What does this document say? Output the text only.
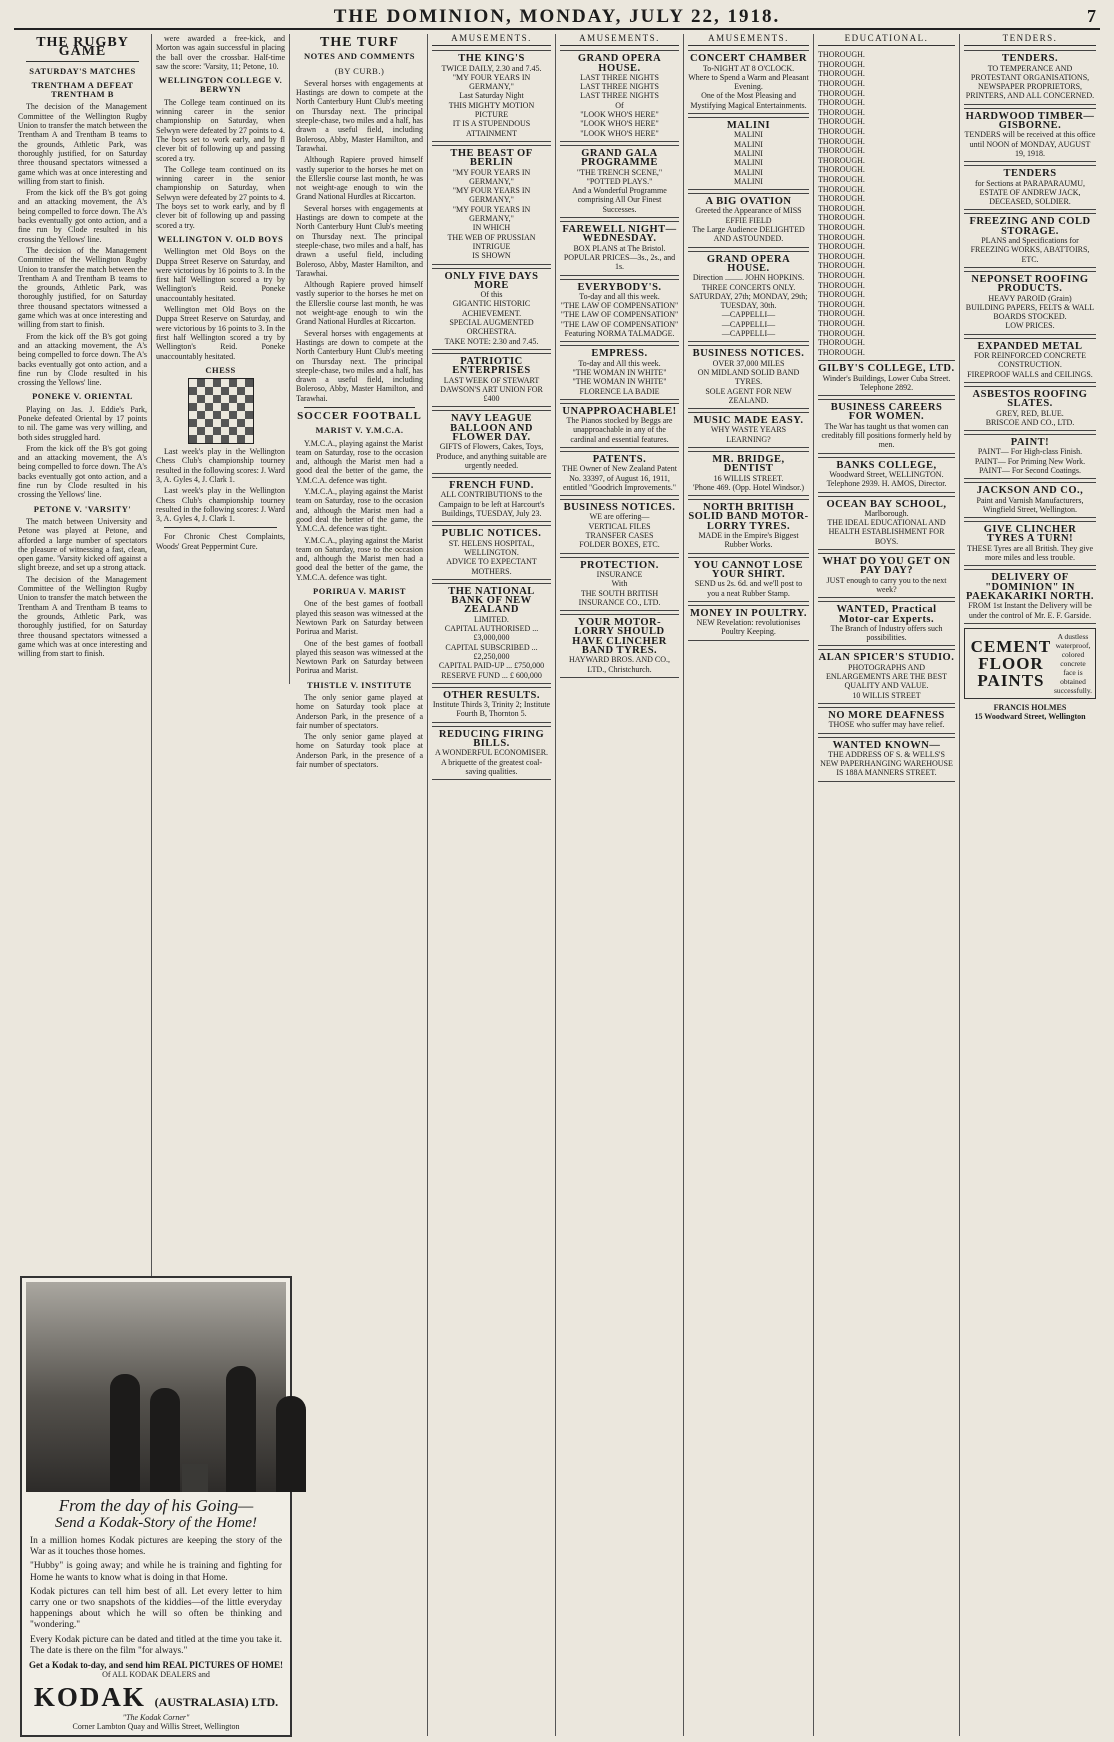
THE DOMINION, MONDAY, JULY 22, 1918.	7
THE RUGBY GAME
SATURDAY'S MATCHES
TRENTHAM A DEFEAT TRENTHAM B

The decision of the Management Committee of the Wellington Rugby Union to transfer the match between the Trentham A and Trentham B teams to the grounds, Athletic Park, was thoroughly justified, for on Saturday three thousand spectators witnessed a game which was at once interesting and willing from start to finish.

From the kick off the B's got going and an attacking movement, the A's being compelled to force down. The A's backs eventually got onto action, and a fine run by Clode resulted in his crossing the Yellows' line.

The decision of the Management Committee of the Wellington Rugby Union to transfer the match between the Trentham A and Trentham B teams to the grounds, Athletic Park, was thoroughly justified, for on Saturday three thousand spectators witnessed a game which was at once interesting and willing from start to finish.

From the kick off the B's got going and an attacking movement, the A's being compelled to force down. The A's backs eventually got onto action, and a fine run by Clode resulted in his crossing the Yellows' line.

PONEKE V. ORIENTAL

Playing on Jas. J. Eddie's Park, Poneke defeated Oriental by 17 points to nil. The game was very willing, and both sides struggled hard.

From the kick off the B's got going and an attacking movement, the A's being compelled to force down. The A's backs eventually got onto action, and a fine run by Clode resulted in his crossing the Yellows' line.

PETONE V. 'VARSITY'

The match between University and Petone was played at Petone, and afforded a large number of spectators the pleasure of witnessing a fast, clean, open game. 'Varsity kicked off against a slight breeze, and set up a strong attack.

The decision of the Management Committee of the Wellington Rugby Union to transfer the match between the Trentham A and Trentham B teams to the grounds, Athletic Park, was thoroughly justified, for on Saturday three thousand spectators witnessed a game which was at once interesting and willing from start to finish.

were awarded a free-kick, and Morton was again successful in placing the ball over the crossbar. Half-time saw the score: 'Varsity, 11; Petone, 10.

WELLINGTON COLLEGE V. BERWYN

The College team continued on its winning career in the senior championship on Saturday, when Selwyn were defeated by 27 points to 4. The boys set to work early, and by fl clever bit of following up and passing scored a try.

The College team continued on its winning career in the senior championship on Saturday, when Selwyn were defeated by 27 points to 4. The boys set to work early, and by fl clever bit of following up and passing scored a try.

WELLINGTON V. OLD BOYS

Wellington met Old Boys on the Duppa Street Reserve on Saturday, and were victorious by 16 points to 3. In the first half Wellington scored a try by Wellington's Reid. Poneke unaccountably hesitated.

Wellington met Old Boys on the Duppa Street Reserve on Saturday, and were victorious by 16 points to 3. In the first half Wellington scored a try by Wellington's Reid. Poneke unaccountably hesitated.

CHESS

Last week's play in the Wellington Chess Club's championship tourney resulted in the following scores: J. Ward 3, A. Gyles 4, J. Clark 1.

Last week's play in the Wellington Chess Club's championship tourney resulted in the following scores: J. Ward 3, A. Gyles 4, J. Clark 1.

For Chronic Chest Complaints, Woods' Great Peppermint Cure.

From the day of his Going—
Send a Kodak-Story of the Home!

In a million homes Kodak pictures are keeping the story of the War as it touches those homes.

"Hubby" is going away; and while he is training and fighting for Home he wants to know what is doing in that Home.

Kodak pictures can tell him best of all. Let every letter to him carry one or two snapshots of the kiddies—of the little everyday happenings about which he will so often be thinking and "wondering."

Every Kodak picture can be dated and titled at the time you take it. The date is there on the film "for always."

Get a Kodak to-day, and send him REAL PICTURES OF HOME!
Of ALL KODAK DEALERS and
KODAK (AUSTRALASIA) LTD.
"The Kodak Corner"
Corner Lambton Quay and Willis Street, Wellington
THE TURF
NOTES AND COMMENTS
(BY CURB.)

Several horses with engagements at Hastings are down to compete at the North Canterbury Hunt Club's meeting on Thursday next. The principal steeple-chase, two miles and a half, has drawn a useful field, including Boleroso, Abby, Master Hamilton, and Tarawhai.

Although Rapiere proved himself vastly superior to the horses he met on the Ellerslie course last month, he was not weight-age enough to win the Grand National Hurdles at Riccarton.

Several horses with engagements at Hastings are down to compete at the North Canterbury Hunt Club's meeting on Thursday next. The principal steeple-chase, two miles and a half, has drawn a useful field, including Boleroso, Abby, Master Hamilton, and Tarawhai.

Although Rapiere proved himself vastly superior to the horses he met on the Ellerslie course last month, he was not weight-age enough to win the Grand National Hurdles at Riccarton.

Several horses with engagements at Hastings are down to compete at the North Canterbury Hunt Club's meeting on Thursday next. The principal steeple-chase, two miles and a half, has drawn a useful field, including Boleroso, Abby, Master Hamilton, and Tarawhai.

SOCCER FOOTBALL
MARIST V. Y.M.C.A.

Y.M.C.A., playing against the Marist team on Saturday, rose to the occasion and, although the Marist men had a good deal the better of the game, the Y.M.C.A. defence was tight.

Y.M.C.A., playing against the Marist team on Saturday, rose to the occasion and, although the Marist men had a good deal the better of the game, the Y.M.C.A. defence was tight.

Y.M.C.A., playing against the Marist team on Saturday, rose to the occasion and, although the Marist men had a good deal the better of the game, the Y.M.C.A. defence was tight.

PORIRUA V. MARIST

One of the best games of football played this season was witnessed at the Newtown Park on Saturday between Porirua and Marist.

One of the best games of football played this season was witnessed at the Newtown Park on Saturday between Porirua and Marist.

THISTLE V. INSTITUTE

The only senior game played at home on Saturday took place at Anderson Park, in the presence of a fair number of spectators.

The only senior game played at home on Saturday took place at Anderson Park, in the presence of a fair number of spectators.

AMUSEMENTS.
THE KING'S
TWICE DAILY, 2.30 and 7.45.
"MY FOUR YEARS IN GERMANY,"
Last Saturday Night
THIS MIGHTY MOTION PICTURE
IT IS A STUPENDOUS ATTAINMENT
THE BEAST OF BERLIN
"MY FOUR YEARS IN GERMANY,"
"MY FOUR YEARS IN GERMANY,"
"MY FOUR YEARS IN GERMANY,"
IN WHICH
THE WEB OF PRUSSIAN INTRIGUE
IS SHOWN
ONLY FIVE DAYS MORE
Of this
GIGANTIC HISTORIC ACHIEVEMENT.
SPECIAL AUGMENTED ORCHESTRA.
TAKE NOTE: 2.30 and 7.45.
PATRIOTIC ENTERPRISES
LAST WEEK OF STEWART DAWSON'S ART UNION FOR £400
NAVY LEAGUE BALLOON AND FLOWER DAY.
GIFTS of Flowers, Cakes, Toys, Produce, and anything suitable are urgently needed.
FRENCH FUND.
ALL CONTRIBUTIONS to the Campaign to be left at Harcourt's Buildings, TUESDAY, July 23.
PUBLIC NOTICES.
ST. HELENS HOSPITAL, WELLINGTON.
ADVICE TO EXPECTANT MOTHERS.
THE NATIONAL BANK OF NEW ZEALAND
LIMITED.
CAPITAL AUTHORISED ... £3,000,000
CAPITAL SUBSCRIBED ... £2,250,000
CAPITAL PAID-UP ... £750,000
RESERVE FUND ... £ 600,000
OTHER RESULTS.
Institute Thirds 3, Trinity 2; Institute Fourth B, Thornton 5.
REDUCING FIRING BILLS.
A WONDERFUL ECONOMISER.
A briquette of the greatest coal-saving qualities.
AMUSEMENTS.
GRAND OPERA HOUSE.
LAST THREE NIGHTS
LAST THREE NIGHTS
LAST THREE NIGHTS
Of
"LOOK WHO'S HERE"
"LOOK WHO'S HERE"
"LOOK WHO'S HERE"
GRAND GALA PROGRAMME
"THE TRENCH SCENE,"
"POTTED PLAYS."
And a Wonderful Programme comprising All Our Finest Successes.
FAREWELL NIGHT—WEDNESDAY.
BOX PLANS at The Bristol.
POPULAR PRICES—3s., 2s., and 1s.
EVERYBODY'S.
To-day and all this week.
"THE LAW OF COMPENSATION"
"THE LAW OF COMPENSATION"
"THE LAW OF COMPENSATION"
Featuring NORMA TALMADGE.
EMPRESS.
To-day and All this week.
"THE WOMAN IN WHITE"
"THE WOMAN IN WHITE"
FLORENCE LA BADIE
UNAPPROACHABLE!
The Pianos stocked by Beggs are unapproachable in any of the cardinal and essential features.
PATENTS.
THE Owner of New Zealand Patent No. 33397, of August 16, 1911, entitled "Goodrich Improvements."
BUSINESS NOTICES.
WE are offering—
VERTICAL FILES
TRANSFER CASES
FOLDER BOXES, ETC.
PROTECTION.
INSURANCE
With
THE SOUTH BRITISH INSURANCE CO., LTD.
YOUR MOTOR-LORRY SHOULD HAVE CLINCHER BAND TYRES.
HAYWARD BROS. AND CO., LTD., Christchurch.
AMUSEMENTS.
CONCERT CHAMBER
To-NIGHT AT 8 O'CLOCK.
Where to Spend a Warm and Pleasant Evening.
One of the Most Pleasing and Mystifying Magical Entertainments.
MALINI
MALINI
MALINI
MALINI
MALINI
MALINI
MALINI
A BIG OVATION
Greeted the Appearance of MISS EFFIE FIELD
The Large Audience DELIGHTED AND ASTOUNDED.
GRAND OPERA HOUSE.
Direction ......... JOHN HOPKINS.
THREE CONCERTS ONLY.
SATURDAY, 27th; MONDAY, 29th; TUESDAY, 30th.
—CAPPELLI—
—CAPPELLI—
—CAPPELLI—
BUSINESS NOTICES.
OVER 37,000 MILES
ON MIDLAND SOLID BAND TYRES.
SOLE AGENT FOR NEW ZEALAND.
MUSIC MADE EASY.
WHY WASTE YEARS LEARNING?
MR. BRIDGE, DENTIST
16 WILLIS STREET.
'Phone 469. (Opp. Hotel Windsor.)
NORTH BRITISH SOLID BAND MOTOR-LORRY TYRES.
MADE in the Empire's Biggest Rubber Works.
YOU CANNOT LOSE YOUR SHIRT.
SEND us 2s. 6d. and we'll post to you a neat Rubber Stamp.
MONEY IN POULTRY.
NEW Revelation: revolutionises Poultry Keeping.
EDUCATIONAL.
THOROUGH.
THOROUGH.
THOROUGH.
THOROUGH.
THOROUGH.
THOROUGH.
THOROUGH.
THOROUGH.
THOROUGH.
THOROUGH.
THOROUGH.
THOROUGH.
THOROUGH.
THOROUGH.
THOROUGH.
THOROUGH.
THOROUGH.
THOROUGH.
THOROUGH.
THOROUGH.
THOROUGH.
THOROUGH.
THOROUGH.
THOROUGH.
THOROUGH.
THOROUGH.
THOROUGH.
THOROUGH.
THOROUGH.
THOROUGH.
THOROUGH.
THOROUGH.
GILBY'S COLLEGE, LTD.
Winder's Buildings, Lower Cuba Street.
Telephone 2892.
BUSINESS CAREERS FOR WOMEN.
The War has taught us that women can creditably fill positions formerly held by men.
BANKS COLLEGE,
Woodward Street, WELLINGTON.
Telephone 2939. H. AMOS, Director.
OCEAN BAY SCHOOL,
Marlborough.
THE IDEAL EDUCATIONAL AND HEALTH ESTABLISHMENT FOR BOYS.
WHAT DO YOU GET ON PAY DAY?
JUST enough to carry you to the next week?
WANTED, Practical Motor-car Experts.
The Branch of Industry offers such possibilities.
ALAN SPICER'S STUDIO.
PHOTOGRAPHS AND ENLARGEMENTS ARE THE BEST QUALITY AND VALUE.
10 WILLIS STREET
NO MORE DEAFNESS
THOSE who suffer may have relief.
WANTED KNOWN—
THE ADDRESS OF S. & WELLS'S NEW PAPERHANGING WAREHOUSE IS 188A MANNERS STREET.
TENDERS.
TENDERS.
TO TEMPERANCE AND PROTESTANT ORGANISATIONS, NEWSPAPER PROPRIETORS, PRINTERS, AND ALL CONCERNED.
HARDWOOD TIMBER—GISBORNE.
TENDERS will be received at this office until NOON of MONDAY, AUGUST 19, 1918.
TENDERS
for Sections at PARAPARAUMU,
ESTATE OF ANDREW JACK, DECEASED, SOLDIER.
FREEZING AND COLD STORAGE.
PLANS and Specifications for FREEZING WORKS, ABATTOIRS, ETC.
NEPONSET ROOFING PRODUCTS.
HEAVY PAROID (Grain)
BUILDING PAPERS, FELTS & WALL BOARDS STOCKED.
LOW PRICES.
EXPANDED METAL
FOR REINFORCED CONCRETE CONSTRUCTION.
FIREPROOF WALLS and CEILINGS.
ASBESTOS ROOFING SLATES.
GREY, RED, BLUE.
BRISCOE AND CO., LTD.
PAINT!
PAINT— For High-class Finish.
PAINT— For Priming New Work.
PAINT— For Second Coatings.
JACKSON AND CO.,
Paint and Varnish Manufacturers, Wingfield Street, Wellington.
GIVE CLINCHER TYRES A TURN!
THESE Tyres are all British. They give more miles and less trouble.
DELIVERY OF "DOMINION" IN PAEKAKARIKI NORTH.
FROM 1st Instant the Delivery will be under the control of Mr. E. F. Garside.
CEMENT FLOOR PAINTS
A dustless waterproof, colored concrete face is obtained successfully.
FRANCIS HOLMES
15 Woodward Street, Wellington
